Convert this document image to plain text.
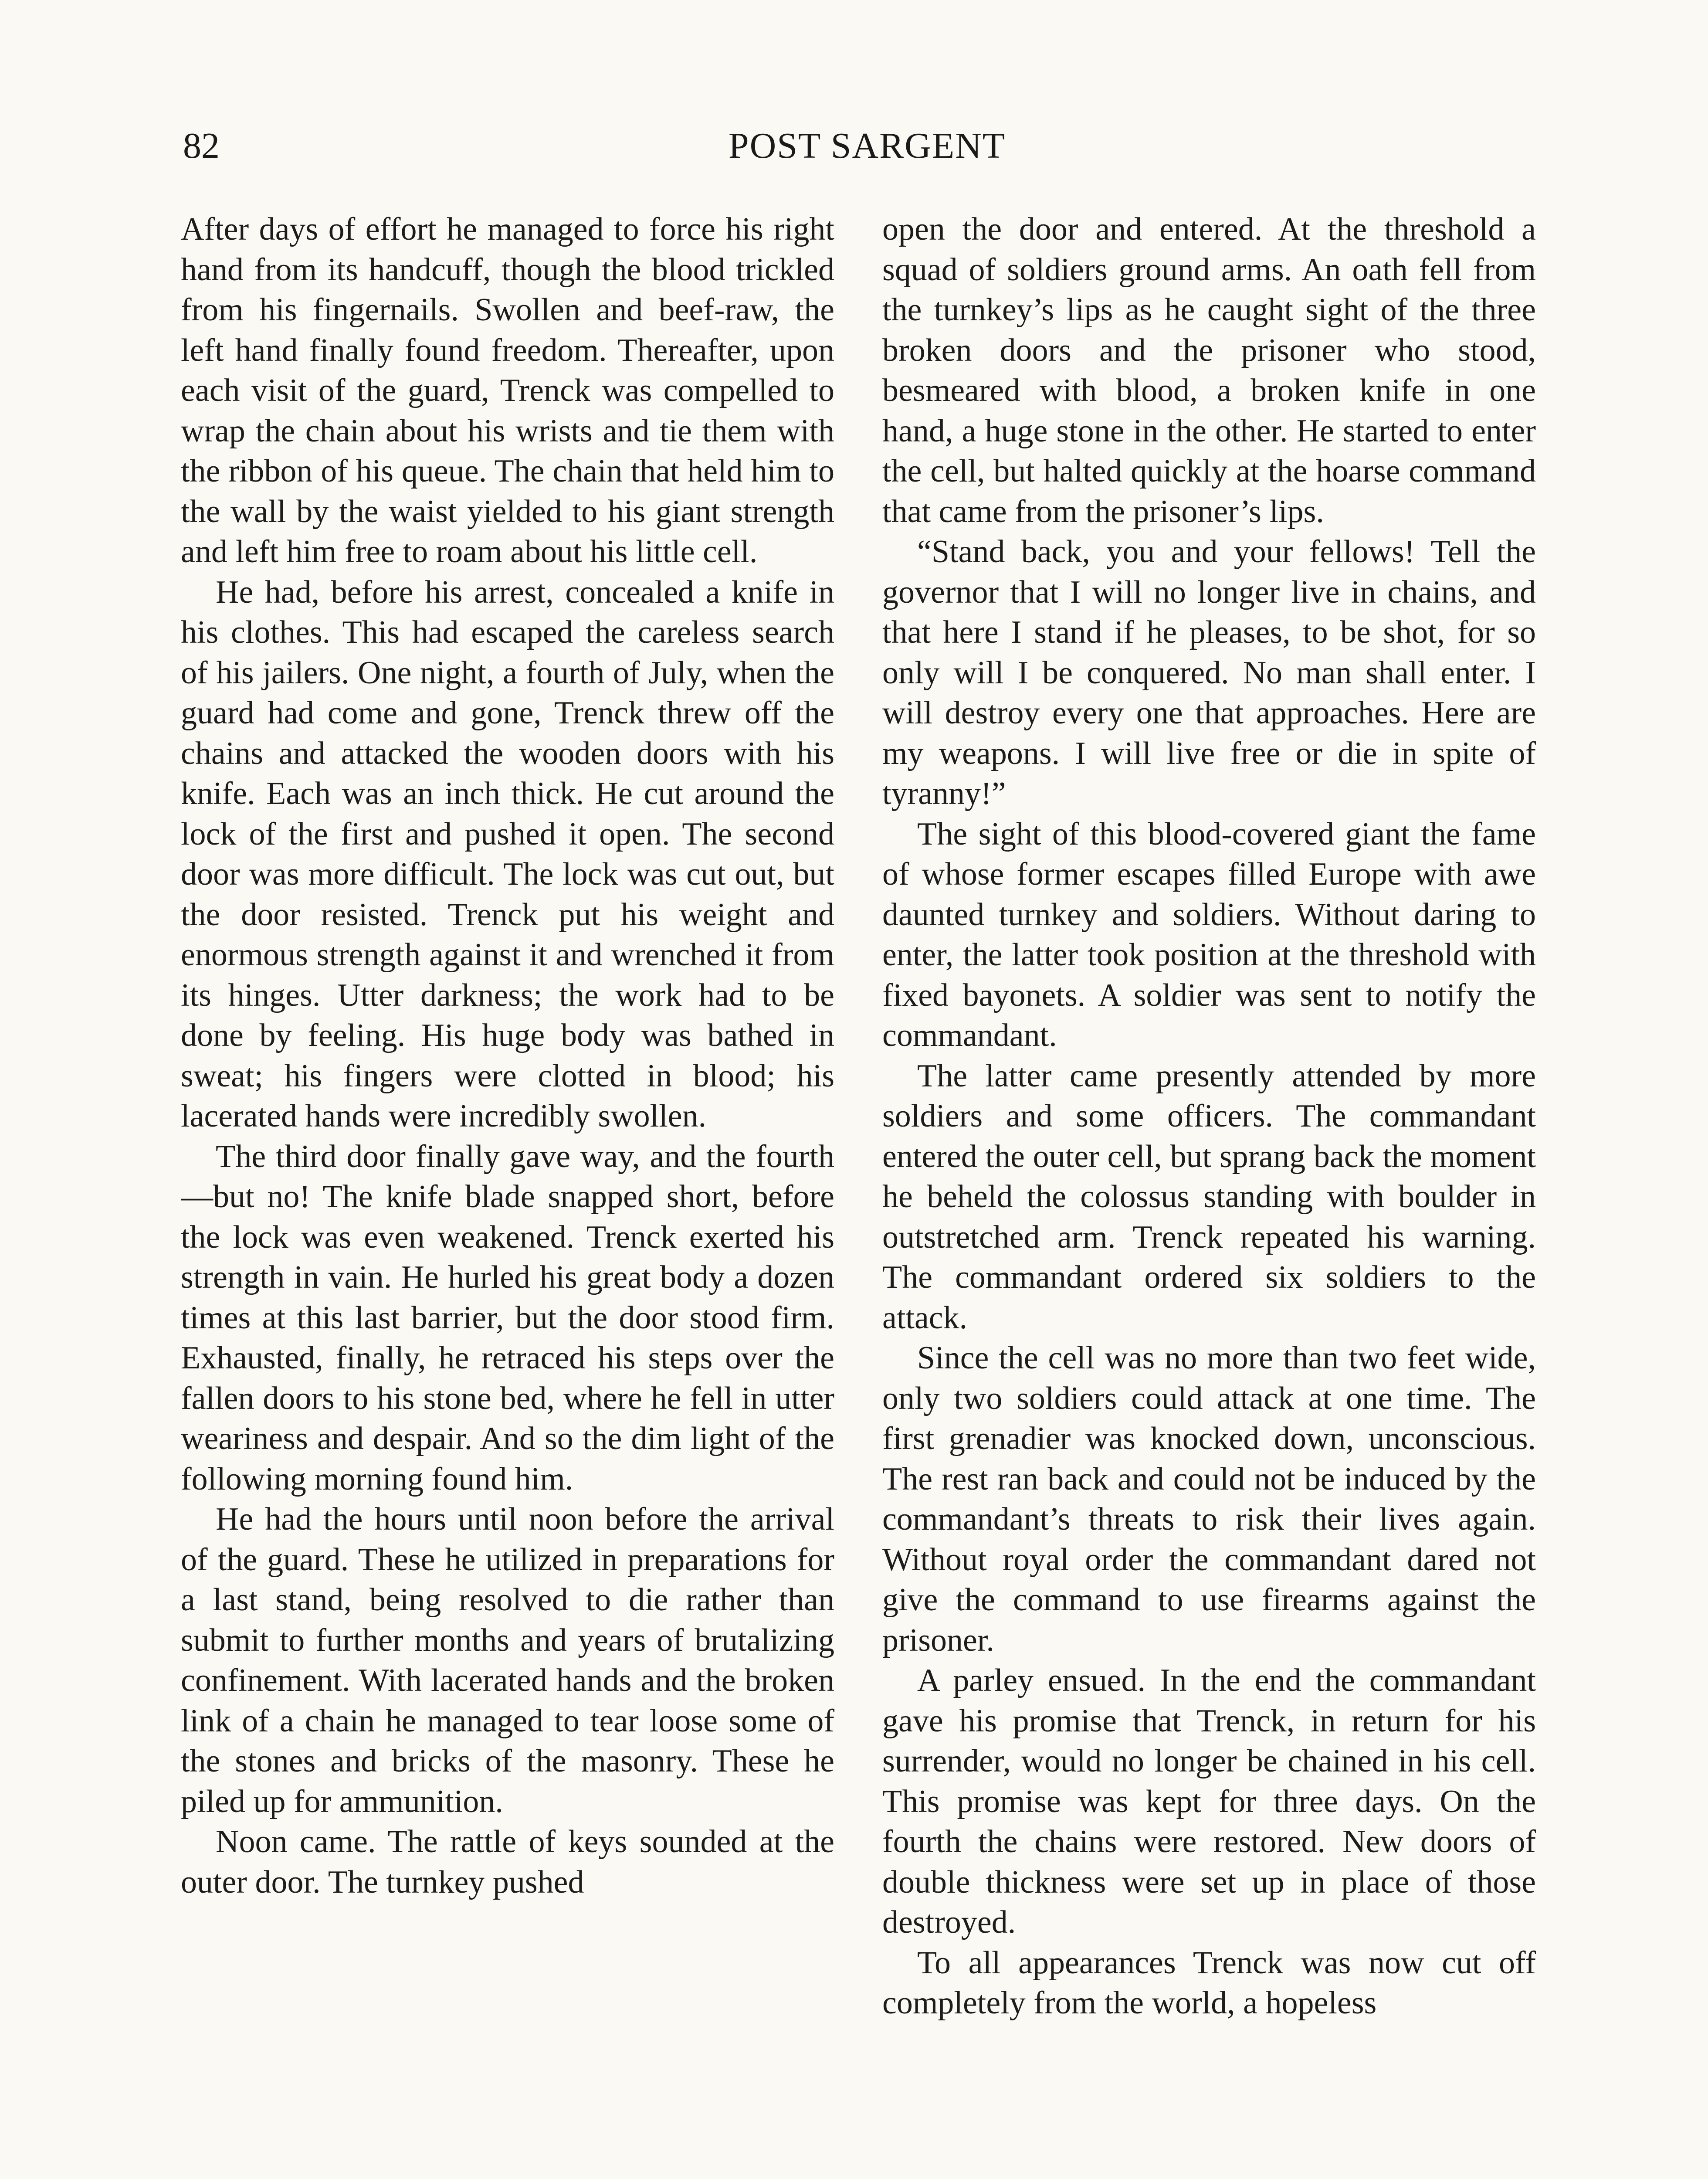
82	POST SARGENT

After days of effort he managed to force his right hand from its handcuff, though the blood trickled from his fingernails. Swollen and beef-raw, the left hand finally found freedom. Thereafter, upon each visit of the guard, Trenck was compelled to wrap the chain about his wrists and tie them with the ribbon of his queue. The chain that held him to the wall by the waist yielded to his giant strength and left him free to roam about his little cell.

He had, before his arrest, concealed a knife in his clothes. This had escaped the careless search of his jailers. One night, a fourth of July, when the guard had come and gone, Trenck threw off the chains and attacked the wooden doors with his knife. Each was an inch thick. He cut around the lock of the first and pushed it open. The second door was more difficult. The lock was cut out, but the door resisted. Trenck put his weight and enormous strength against it and wrenched it from its hinges. Utter darkness; the work had to be done by feeling. His huge body was bathed in sweat; his fingers were clotted in blood; his lacerated hands were incredibly swollen.

The third door finally gave way, and the fourth—but no! The knife blade snapped short, before the lock was even weakened. Trenck exerted his strength in vain. He hurled his great body a dozen times at this last barrier, but the door stood firm. Exhausted, finally, he retraced his steps over the fallen doors to his stone bed, where he fell in utter weariness and despair. And so the dim light of the following morning found him.

He had the hours until noon before the arrival of the guard. These he utilized in preparations for a last stand, being resolved to die rather than submit to further months and years of brutalizing confinement. With lacerated hands and the broken link of a chain he managed to tear loose some of the stones and bricks of the masonry. These he piled up for ammunition.

Noon came. The rattle of keys sounded at the outer door. The turnkey pushed

open the door and entered. At the threshold a squad of soldiers ground arms. An oath fell from the turnkey’s lips as he caught sight of the three broken doors and the prisoner who stood, besmeared with blood, a broken knife in one hand, a huge stone in the other. He started to enter the cell, but halted quickly at the hoarse command that came from the prisoner’s lips.

“Stand back, you and your fellows! Tell the governor that I will no longer live in chains, and that here I stand if he pleases, to be shot, for so only will I be conquered. No man shall enter. I will destroy every one that approaches. Here are my weapons. I will live free or die in spite of tyranny!”

The sight of this blood-covered giant the fame of whose former escapes filled Europe with awe daunted turnkey and soldiers. Without daring to enter, the latter took position at the threshold with fixed bayonets. A soldier was sent to notify the commandant.

The latter came presently attended by more soldiers and some officers. The commandant entered the outer cell, but sprang back the moment he beheld the colossus standing with boulder in outstretched arm. Trenck repeated his warning. The commandant ordered six soldiers to the attack.

Since the cell was no more than two feet wide, only two soldiers could attack at one time. The first grenadier was knocked down, unconscious. The rest ran back and could not be induced by the commandant’s threats to risk their lives again. Without royal order the commandant dared not give the command to use firearms against the prisoner.

A parley ensued. In the end the commandant gave his promise that Trenck, in return for his surrender, would no longer be chained in his cell. This promise was kept for three days. On the fourth the chains were restored. New doors of double thickness were set up in place of those destroyed.

To all appearances Trenck was now cut off completely from the world, a hopeless
